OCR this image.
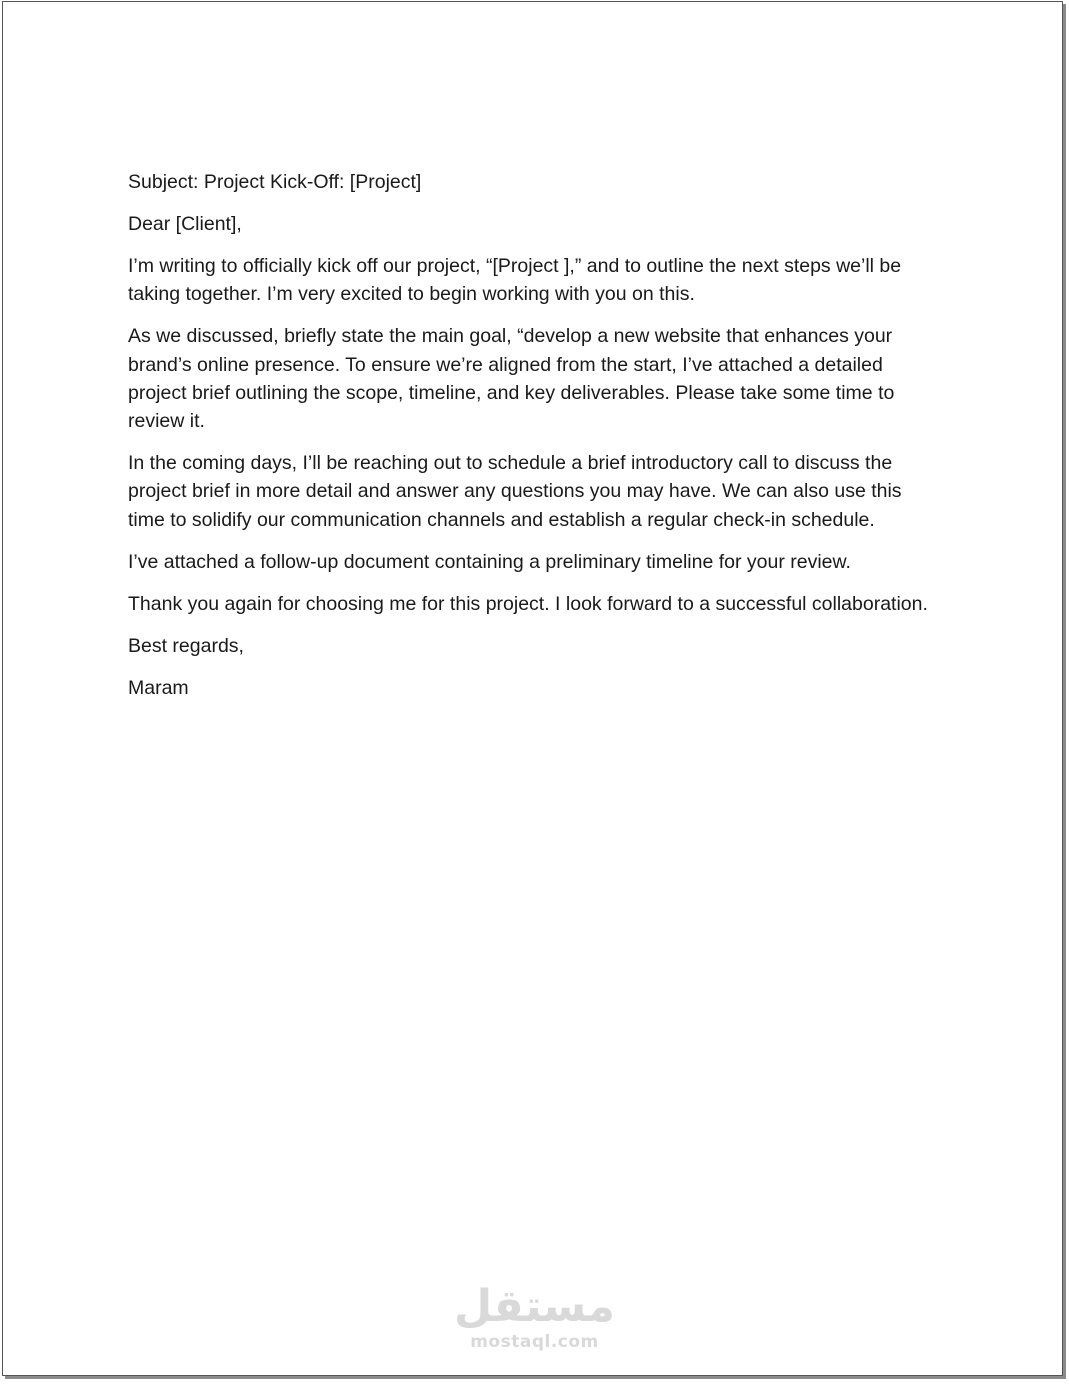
Subject: Project Kick-Off: [Project]

Dear [Client],

I’m writing to officially kick off our project, “[Project ],” and to outline the next steps we’ll be taking together. I’m very excited to begin working with you on this.

As we discussed, briefly state the main goal, “develop a new website that enhances your brand’s online presence. To ensure we’re aligned from the start, I’ve attached a detailed project brief outlining the scope, timeline, and key deliverables. Please take some time to review it.

In the coming days, I’ll be reaching out to schedule a brief introductory call to discuss the project brief in more detail and answer any questions you may have. We can also use this time to solidify our communication channels and establish a regular check-in schedule.

I’ve attached a follow-up document containing a preliminary timeline for your review.

Thank you again for choosing me for this project. I look forward to a successful collaboration.

Best regards,

Maram

مستقل
mostaql.com
